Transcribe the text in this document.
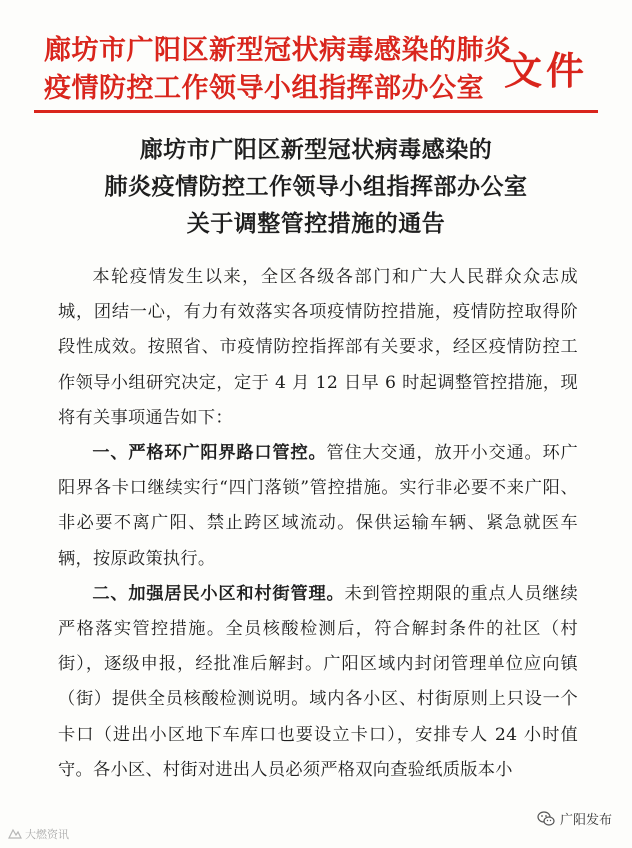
廊坊市广阳区新型冠状病毒感染的肺炎
疫情防控工作领导小组指挥部办公室 文件
廊坊市广阳区新型冠状病毒感染的
肺炎疫情防控工作领导小组指挥部办公室
关于调整管控措施的通告

本轮疫情发生以来，全区各级各部门和广大人民群众众志成城，团结一心，有力有效落实各项疫情防控措施，疫情防控取得阶段性成效。按照省、市疫情防控指挥部有关要求，经区疫情防控工作领导小组研究决定，定于 4 月 12 日早 6 时起调整管控措施，现将有关事项通告如下：

一、严格环广阳界路口管控。管住大交通，放开小交通。环广阳界各卡口继续实行“四门落锁”管控措施。实行非必要不来广阳、非必要不离广阳、禁止跨区域流动。保供运输车辆、紧急就医车辆，按原政策执行。

二、加强居民小区和村街管理。未到管控期限的重点人员继续严格落实管控措施。全员核酸检测后，符合解封条件的社区（村街），逐级申报，经批准后解封。广阳区域内封闭管理单位应向镇（街）提供全员核酸检测说明。域内各小区、村街原则上只设一个卡口（进出小区地下车库口也要设立卡口），安排专人 24 小时值守。各小区、村街对进出人员必须严格双向查验纸质版本小

大燃资讯
广阳发布
